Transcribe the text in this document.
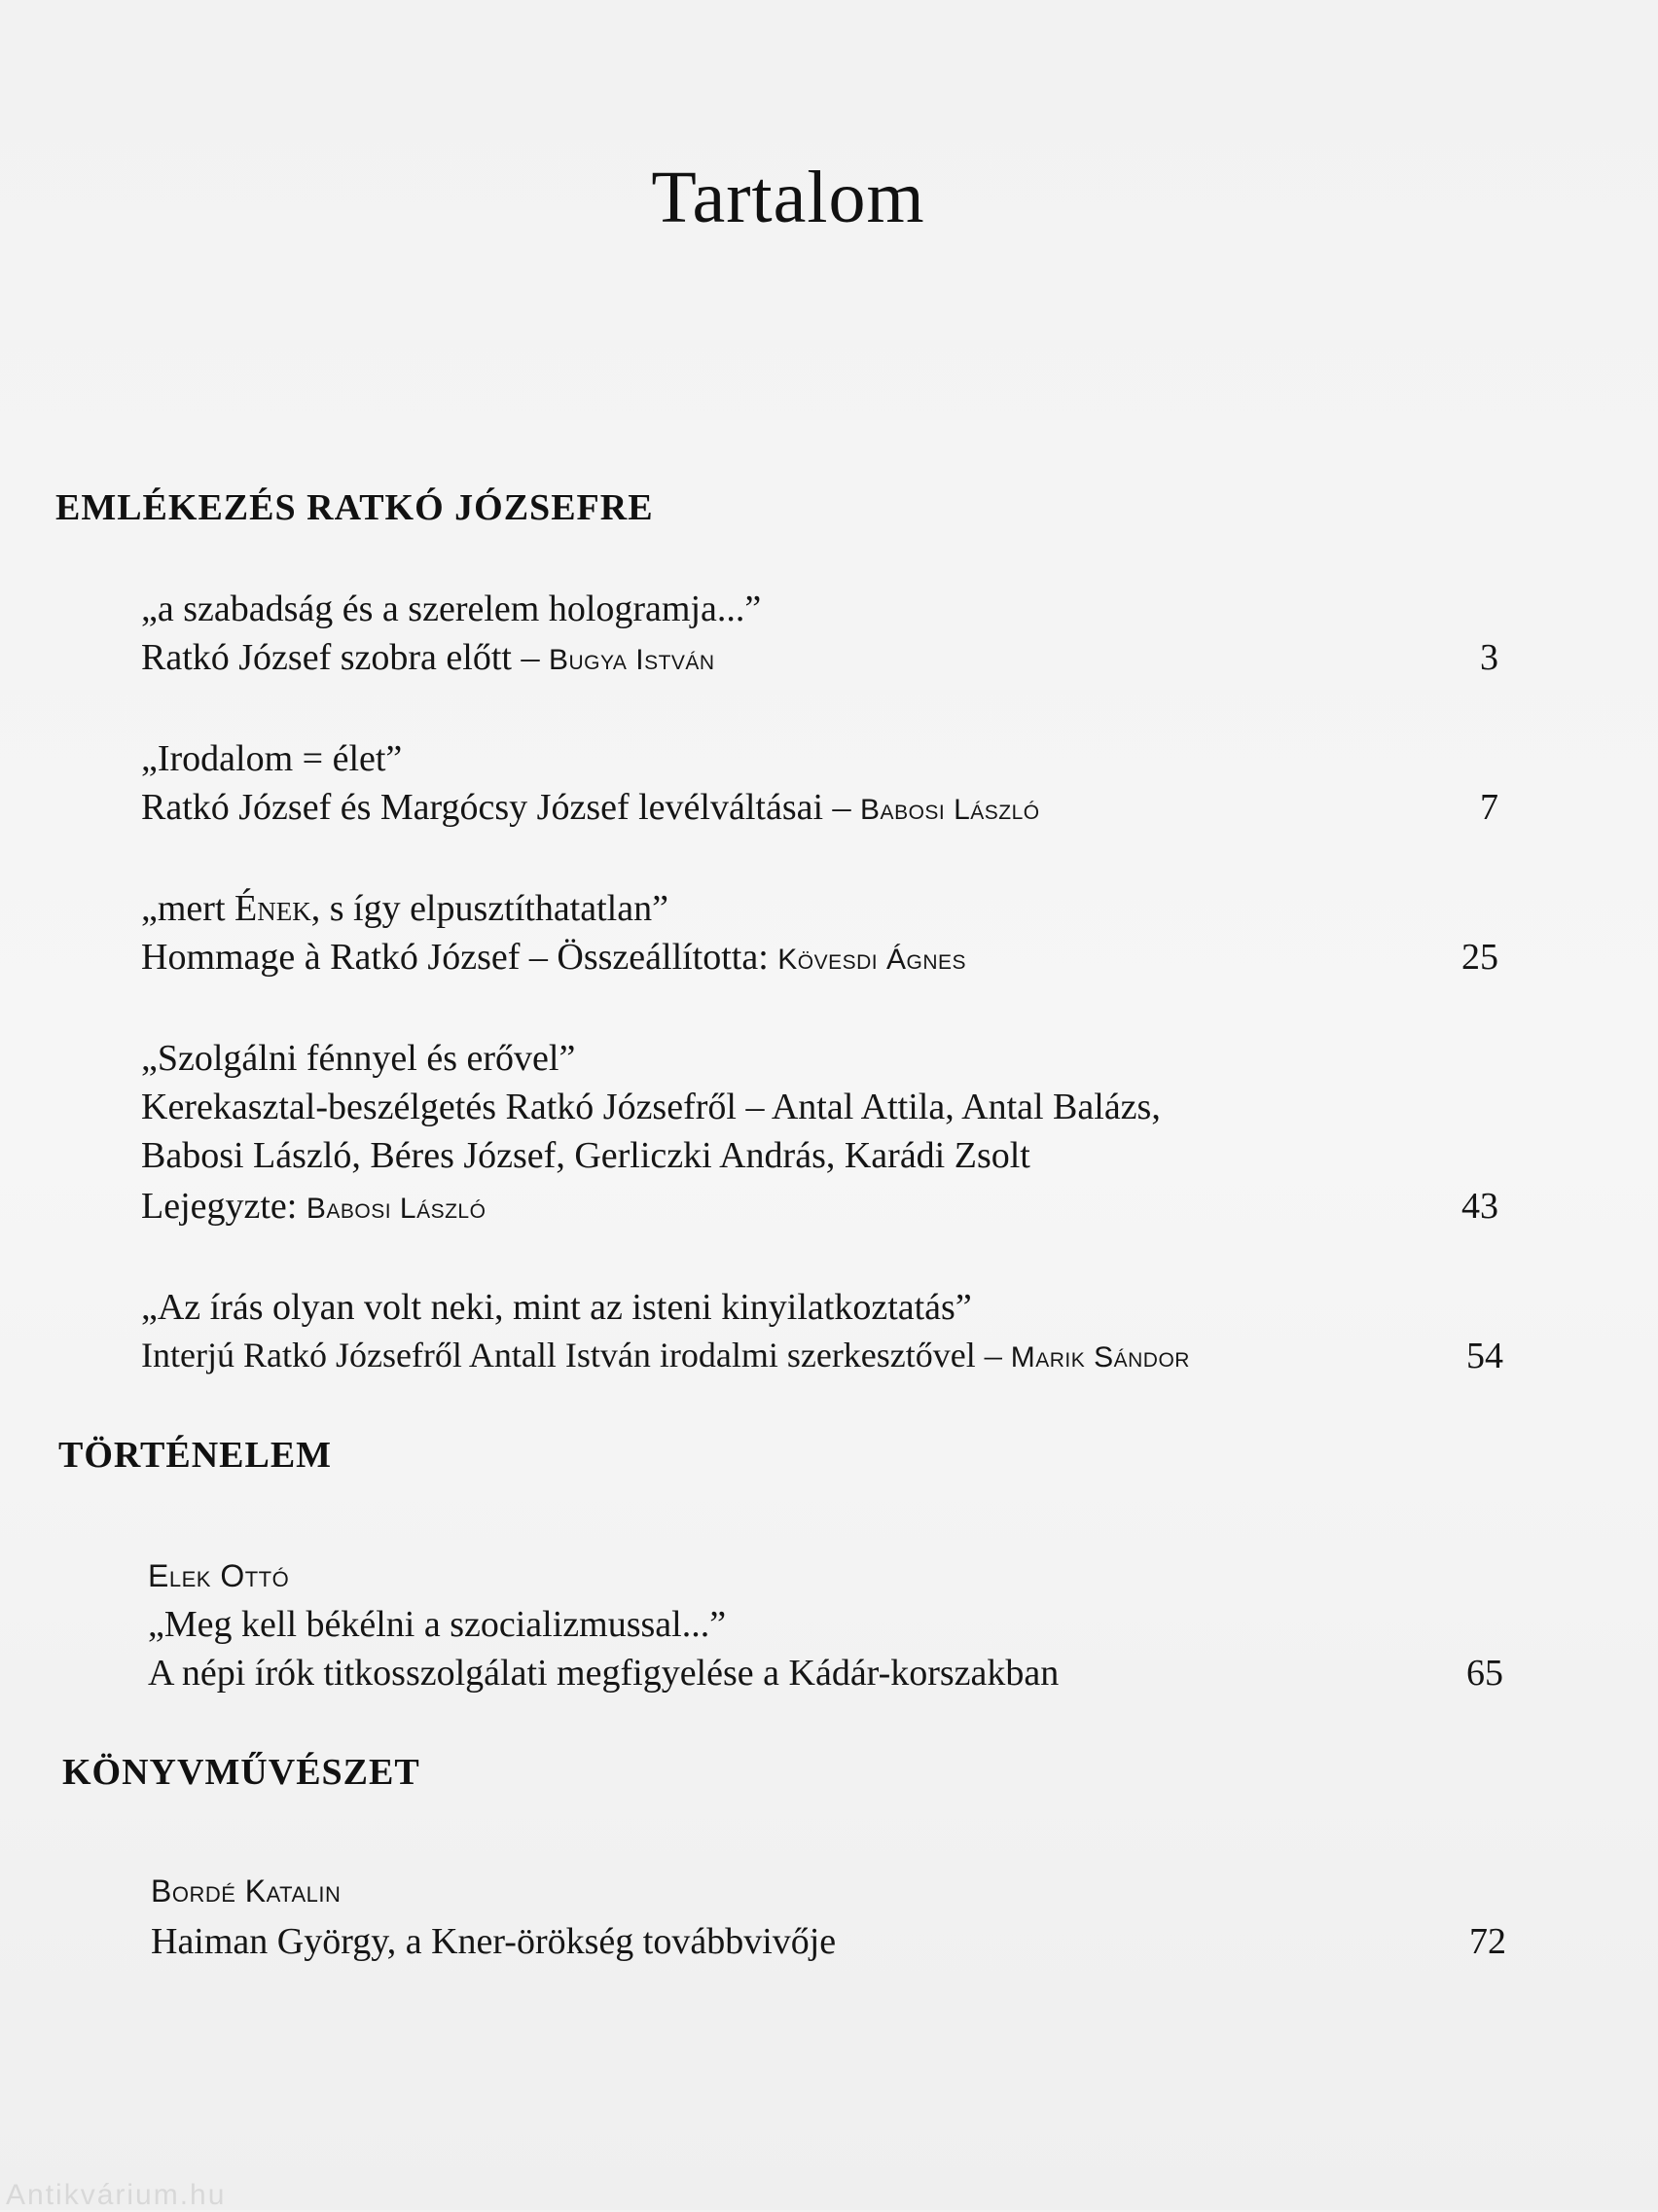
Tartalom
EMLÉKEZÉS RATKÓ JÓZSEFRE
„a szabadság és a szerelem hologramja...”
Ratkó József szobra előtt – Bugya István	3
„Irodalom = élet”
Ratkó József és Margócsy József levélváltásai – Babosi László	7
„mert Ének, s így elpusztíthatatlan”
Hommage à Ratkó József – Összeállította: Kövesdi Ágnes	25
„Szolgálni fénnyel és erővel”
Kerekasztal-beszélgetés Ratkó Józsefről – Antal Attila, Antal Balázs,
Babosi László, Béres József, Gerliczki András, Karádi Zsolt
Lejegyzte: Babosi László	43
„Az írás olyan volt neki, mint az isteni kinyilatkoztatás”
Interjú Ratkó Józsefről Antall István irodalmi szerkesztővel – Marik Sándor	54
TÖRTÉNELEM
Elek Ottó
„Meg kell békélni a szocializmussal...”
A népi írók titkosszolgálati megfigyelése a Kádár-korszakban	65
KÖNYVMŰVÉSZET
Bordé Katalin
Haiman György, a Kner-örökség továbbvivője	72
Antikvárium.hu
